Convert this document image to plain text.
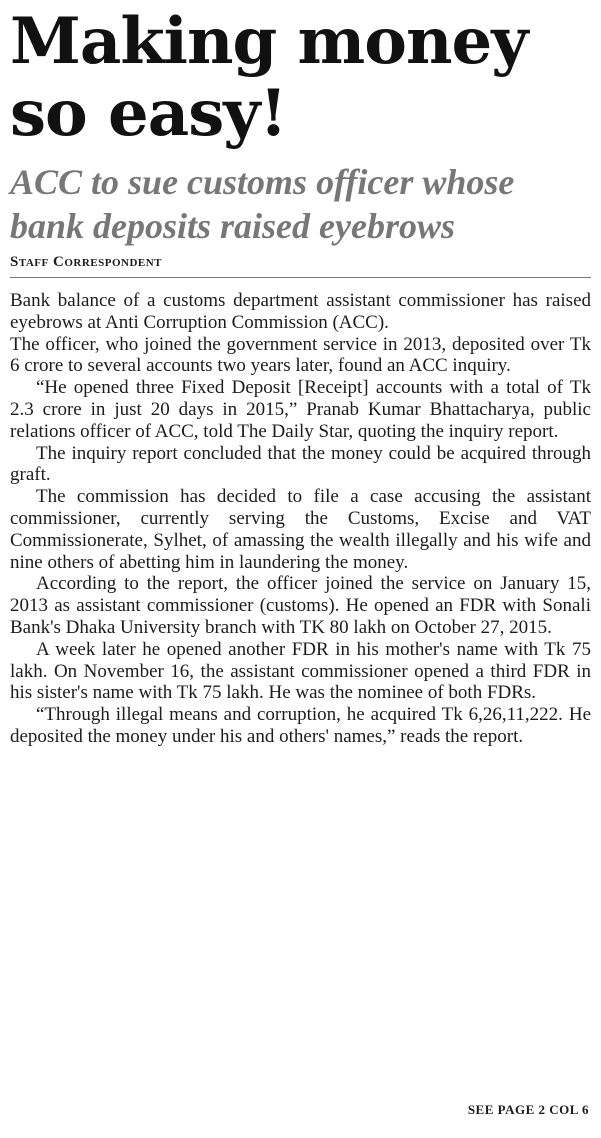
Making money so easy!
ACC to sue customs officer whose bank deposits raised eyebrows
Staff Correspondent

Bank balance of a customs department assistant commissioner has raised eyebrows at Anti Corruption Commission (ACC).

The officer, who joined the government service in 2013, deposited over Tk 6 crore to several accounts two years later, found an ACC inquiry.

“He opened three Fixed Deposit [Receipt] accounts with a total of Tk 2.3 crore in just 20 days in 2015,” Pranab Kumar Bhattacharya, public relations officer of ACC, told The Daily Star, quoting the inquiry report.

The inquiry report concluded that the money could be acquired through graft.

The commission has decided to file a case accusing the assistant commissioner, currently serving the Customs, Excise and VAT Commissionerate, Sylhet, of amassing the wealth illegally and his wife and nine others of abetting him in laundering the money.

According to the report, the officer joined the service on January 15, 2013 as assistant commissioner (customs). He opened an FDR with Sonali Bank's Dhaka University branch with TK 80 lakh on October 27, 2015.

A week later he opened another FDR in his mother's name with Tk 75 lakh. On November 16, the assistant commissioner opened a third FDR in his sister's name with Tk 75 lakh. He was the nominee of both FDRs.

“Through illegal means and corruption, he acquired Tk 6,26,11,222. He deposited the money under his and others' names,” reads the report.

SEE PAGE 2 COL 6
